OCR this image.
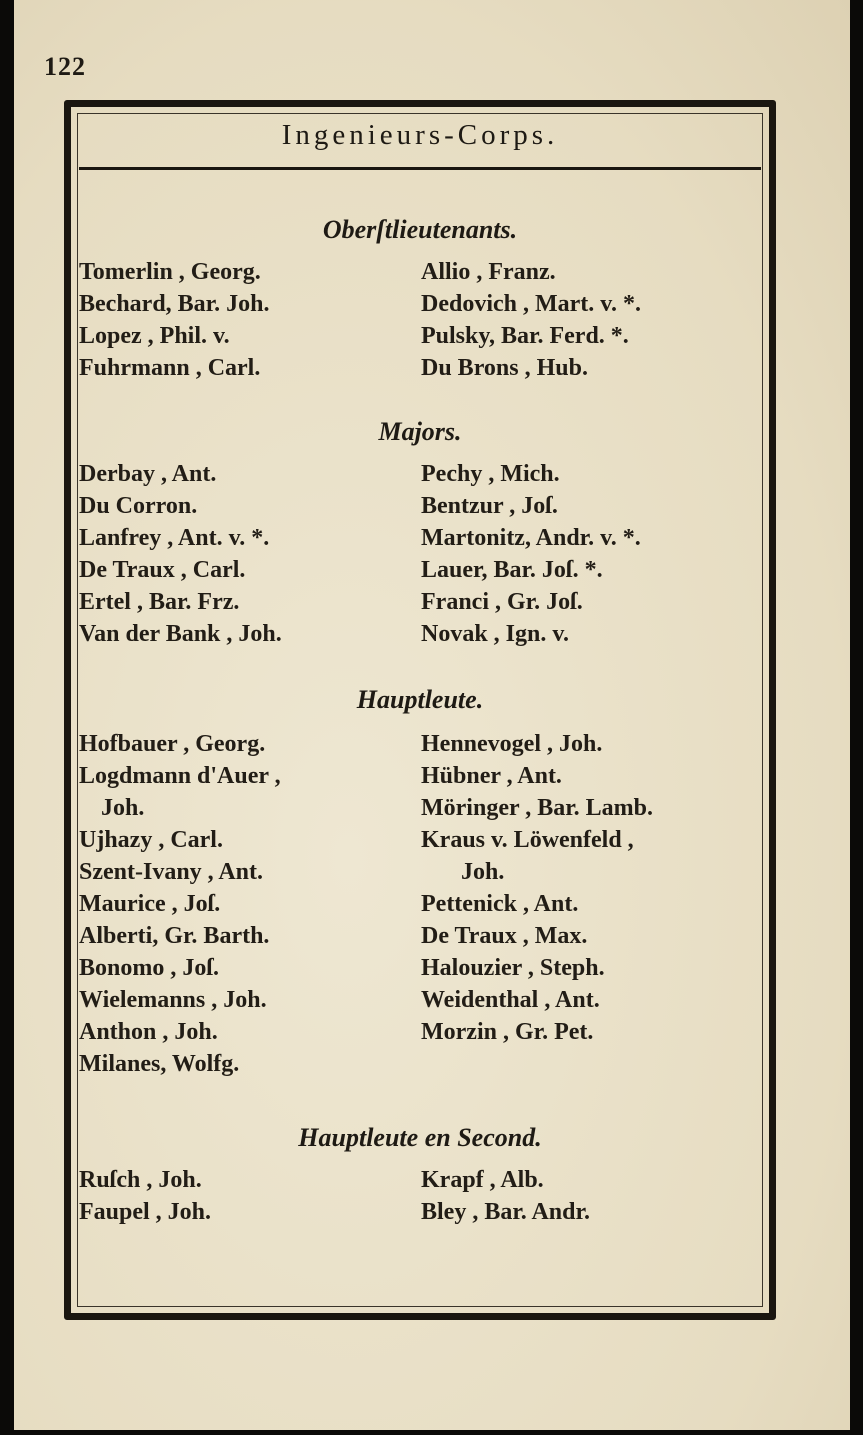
122
Ingenieurs-Corps.
Oberſtlieutenants.
Tomerlin , Georg.
Bechard, Bar. Joh.
Lopez , Phil. v.
Fuhrmann , Carl.
Allio , Franz.
Dedovich , Mart. v. *.
Pulsky, Bar. Ferd. *.
Du Brons , Hub.
Majors.
Derbay , Ant.
Du Corron.
Lanfrey , Ant. v. *.
De Traux , Carl.
Ertel , Bar. Frz.
Van der Bank , Joh.
Pechy , Mich.
Bentzur , Joſ.
Martonitz, Andr. v. *.
Lauer, Bar. Joſ. *.
Franci , Gr. Joſ.
Novak , Ign. v.
Hauptleute.
Hofbauer , Georg.
Logdmann d'Auer ,
Joh.
Ujhazy , Carl.
Szent-Ivany , Ant.
Maurice , Joſ.
Alberti, Gr. Barth.
Bonomo , Joſ.
Wielemanns , Joh.
Anthon , Joh.
Milanes, Wolfg.
Hennevogel , Joh.
Hübner , Ant.
Möringer , Bar. Lamb.
Kraus v. Löwenfeld ,
Joh.
Pettenick , Ant.
De Traux , Max.
Halouzier , Steph.
Weidenthal , Ant.
Morzin , Gr. Pet.
Hauptleute en Second.
Ruſch , Joh.
Faupel , Joh.
Krapf , Alb.
Bley , Bar. Andr.
